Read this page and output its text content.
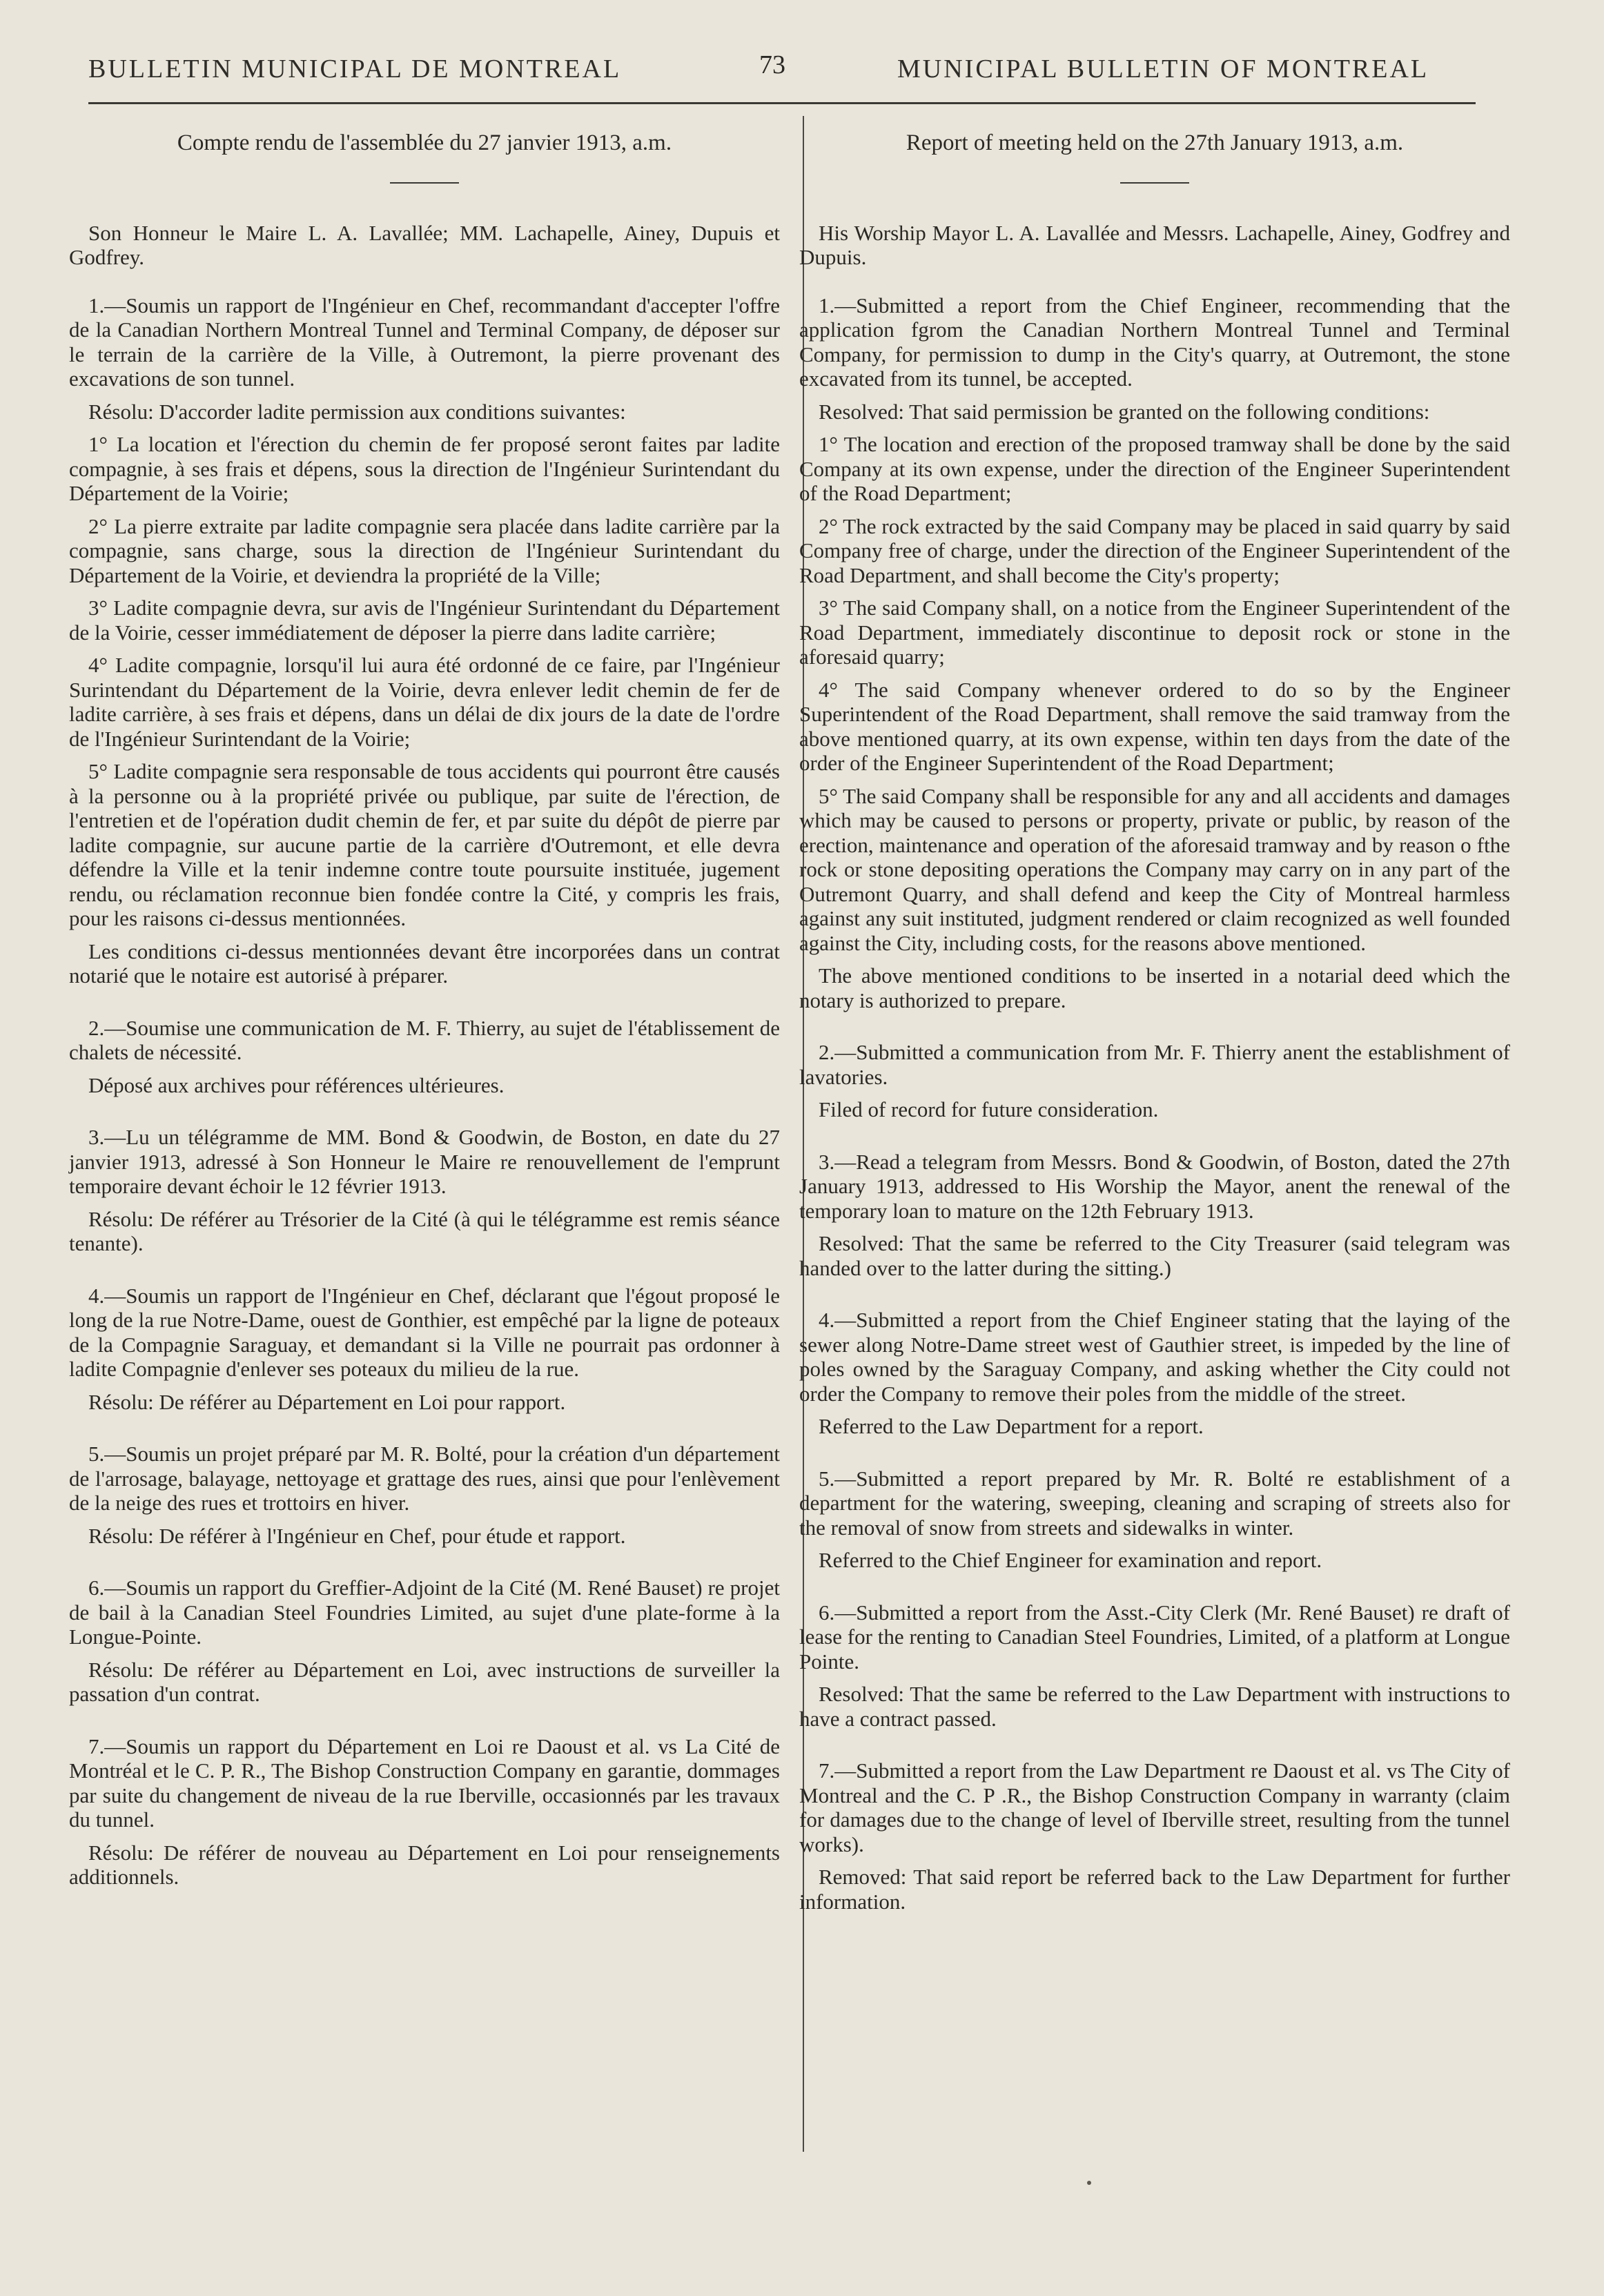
BULLETIN MUNICIPAL DE MONTREAL	73	MUNICIPAL BULLETIN OF MONTREAL
Compte rendu de l'assemblée du 27 janvier 1913, a.m.

Son Honneur le Maire L. A. Lavallée; MM. Lachapelle, Ainey, Dupuis et Godfrey.

1.—Soumis un rapport de l'Ingénieur en Chef, recommandant d'accepter l'offre de la Canadian Northern Montreal Tunnel and Terminal Company, de déposer sur le terrain de la carrière de la Ville, à Outremont, la pierre provenant des excavations de son tunnel.

Résolu: D'accorder ladite permission aux conditions suivantes:

1° La location et l'érection du chemin de fer proposé seront faites par ladite compagnie, à ses frais et dépens, sous la direction de l'Ingénieur Surintendant du Département de la Voirie;

2° La pierre extraite par ladite compagnie sera placée dans ladite carrière par la compagnie, sans charge, sous la direction de l'Ingénieur Surintendant du Département de la Voirie, et deviendra la propriété de la Ville;

3° Ladite compagnie devra, sur avis de l'Ingénieur Surintendant du Département de la Voirie, cesser immédiatement de déposer la pierre dans ladite carrière;

4° Ladite compagnie, lorsqu'il lui aura été ordonné de ce faire, par l'Ingénieur Surintendant du Département de la Voirie, devra enlever ledit chemin de fer de ladite carrière, à ses frais et dépens, dans un délai de dix jours de la date de l'ordre de l'Ingénieur Surintendant de la Voirie;

5° Ladite compagnie sera responsable de tous accidents qui pourront être causés à la personne ou à la propriété privée ou publique, par suite de l'érection, de l'entretien et de l'opération dudit chemin de fer, et par suite du dépôt de pierre par ladite compagnie, sur aucune partie de la carrière d'Outremont, et elle devra défendre la Ville et la tenir indemne contre toute poursuite instituée, jugement rendu, ou réclamation reconnue bien fondée contre la Cité, y compris les frais, pour les raisons ci-dessus mentionnées.

Les conditions ci-dessus mentionnées devant être incorporées dans un contrat notarié que le notaire est autorisé à préparer.

2.—Soumise une communication de M. F. Thierry, au sujet de l'établissement de chalets de nécessité.

Déposé aux archives pour références ultérieures.

3.—Lu un télégramme de MM. Bond & Goodwin, de Boston, en date du 27 janvier 1913, adressé à Son Honneur le Maire re renouvellement de l'emprunt temporaire devant échoir le 12 février 1913.

Résolu: De référer au Trésorier de la Cité (à qui le télégramme est remis séance tenante).

4.—Soumis un rapport de l'Ingénieur en Chef, déclarant que l'égout proposé le long de la rue Notre-Dame, ouest de Gonthier, est empêché par la ligne de poteaux de la Compagnie Saraguay, et demandant si la Ville ne pourrait pas ordonner à ladite Compagnie d'enlever ses poteaux du milieu de la rue.

Résolu: De référer au Département en Loi pour rapport.

5.—Soumis un projet préparé par M. R. Bolté, pour la création d'un département de l'arrosage, balayage, nettoyage et grattage des rues, ainsi que pour l'enlèvement de la neige des rues et trottoirs en hiver.

Résolu: De référer à l'Ingénieur en Chef, pour étude et rapport.

6.—Soumis un rapport du Greffier-Adjoint de la Cité (M. René Bauset) re projet de bail à la Canadian Steel Foundries Limited, au sujet d'une plate-forme à la Longue-Pointe.

Résolu: De référer au Département en Loi, avec instructions de surveiller la passation d'un contrat.

7.—Soumis un rapport du Département en Loi re Daoust et al. vs La Cité de Montréal et le C. P. R., The Bishop Construction Company en garantie, dommages par suite du changement de niveau de la rue Iberville, occasionnés par les travaux du tunnel.

Résolu: De référer de nouveau au Département en Loi pour renseignements additionnels.

Report of meeting held on the 27th January 1913, a.m.

His Worship Mayor L. A. Lavallée and Messrs. Lachapelle, Ainey, Godfrey and Dupuis.

1.—Submitted a report from the Chief Engineer, recommending that the application fgrom the Canadian Northern Montreal Tunnel and Terminal Company, for permission to dump in the City's quarry, at Outremont, the stone excavated from its tunnel, be accepted.

Resolved: That said permission be granted on the following conditions:

1° The location and erection of the proposed tramway shall be done by the said Company at its own expense, under the direction of the Engineer Superintendent of the Road Department;

2° The rock extracted by the said Company may be placed in said quarry by said Company free of charge, under the direction of the Engineer Superintendent of the Road Department, and shall become the City's property;

3° The said Company shall, on a notice from the Engineer Superintendent of the Road Department, immediately discontinue to deposit rock or stone in the aforesaid quarry;

4° The said Company whenever ordered to do so by the Engineer Superintendent of the Road Department, shall remove the said tramway from the above mentioned quarry, at its own expense, within ten days from the date of the order of the Engineer Superintendent of the Road Department;

5° The said Company shall be responsible for any and all accidents and damages which may be caused to persons or property, private or public, by reason of the erection, maintenance and operation of the aforesaid tramway and by reason o fthe rock or stone depositing operations the Company may carry on in any part of the Outremont Quarry, and shall defend and keep the City of Montreal harmless against any suit instituted, judgment rendered or claim recognized as well founded against the City, including costs, for the reasons above mentioned.

The above mentioned conditions to be inserted in a notarial deed which the notary is authorized to prepare.

2.—Submitted a communication from Mr. F. Thierry anent the establishment of lavatories.

Filed of record for future consideration.

3.—Read a telegram from Messrs. Bond & Goodwin, of Boston, dated the 27th January 1913, addressed to His Worship the Mayor, anent the renewal of the temporary loan to mature on the 12th February 1913.

Resolved: That the same be referred to the City Treasurer (said telegram was handed over to the latter during the sitting.)

4.—Submitted a report from the Chief Engineer stating that the laying of the sewer along Notre-Dame street west of Gauthier street, is impeded by the line of poles owned by the Saraguay Company, and asking whether the City could not order the Company to remove their poles from the middle of the street.

Referred to the Law Department for a report.

5.—Submitted a report prepared by Mr. R. Bolté re establishment of a department for the watering, sweeping, cleaning and scraping of streets also for the removal of snow from streets and sidewalks in winter.

Referred to the Chief Engineer for examination and report.

6.—Submitted a report from the Asst.-City Clerk (Mr. René Bauset) re draft of lease for the renting to Canadian Steel Foundries, Limited, of a platform at Longue Pointe.

Resolved: That the same be referred to the Law Department with instructions to have a contract passed.

7.—Submitted a report from the Law Department re Daoust et al. vs The City of Montreal and the C. P .R., the Bishop Construction Company in warranty (claim for damages due to the change of level of Iberville street, resulting from the tunnel works).

Removed: That said report be referred back to the Law Department for further information.
